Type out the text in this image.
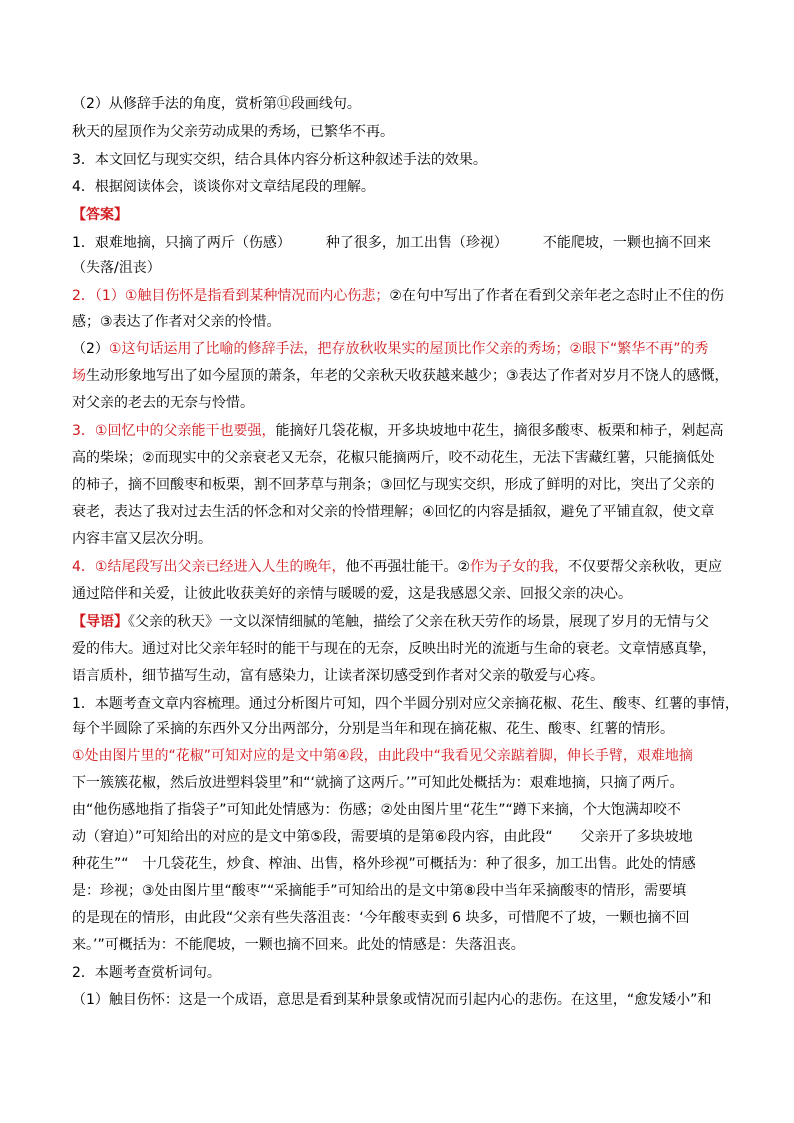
（2）从修辞手法的角度，赏析第⑪段画线句。
秋天的屋顶作为父亲劳动成果的秀场，已繁华不再。
3．本文回忆与现实交织，结合具体内容分析这种叙述手法的效果。
4．根据阅读体会，谈谈你对文章结尾段的理解。
【答案】
1．艰难地摘，只摘了两斤（伤感）　　　种了很多，加工出售（珍视）　　　不能爬坡，一颗也摘不回来
（失落/沮丧）
2．（1）①触目伤怀是指看到某种情况而内心伤悲；②在句中写出了作者在看到父亲年老之态时止不住的伤
感；③表达了作者对父亲的怜惜。
（2）①这句话运用了比喻的修辞手法，把存放秋收果实的屋顶比作父亲的秀场；②眼下“繁华不再”的秀
场生动形象地写出了如今屋顶的萧条，年老的父亲秋天收获越来越少；③表达了作者对岁月不饶人的感慨，
对父亲的老去的无奈与怜惜。
3．①回忆中的父亲能干也要强，能摘好几袋花椒，开多块坡地中花生，摘很多酸枣、板栗和柿子，剁起高
高的柴垛；②而现实中的父亲衰老又无奈，花椒只能摘两斤，咬不动花生，无法下害藏红薯，只能摘低处
的柿子，摘不回酸枣和板栗，割不回茅草与荆条；③回忆与现实交织，形成了鲜明的对比，突出了父亲的
衰老，表达了我对过去生活的怀念和对父亲的怜惜理解；④回忆的内容是插叙，避免了平铺直叙，使文章
内容丰富又层次分明。
4．①结尾段写出父亲已经进入人生的晚年，他不再强壮能干。②作为子女的我，不仅要帮父亲秋收，更应
通过陪伴和关爱，让彼此收获美好的亲情与暖暖的爱，这是我感恩父亲、回报父亲的决心。
【导语】《父亲的秋天》一文以深情细腻的笔触，描绘了父亲在秋天劳作的场景，展现了岁月的无情与父
爱的伟大。通过对比父亲年轻时的能干与现在的无奈，反映出时光的流逝与生命的衰老。文章情感真挚，
语言质朴，细节描写生动，富有感染力，让读者深切感受到作者对父亲的敬爱与心疼。
1．本题考查文章内容梳理。通过分析图片可知，四个半圆分别对应父亲摘花椒、花生、酸枣、红薯的事情，
每个半圆除了采摘的东西外又分出两部分，分别是当年和现在摘花椒、花生、酸枣、红薯的情形。
①处由图片里的“花椒”可知对应的是文中第④段，由此段中“我看见父亲踮着脚，伸长手臂，艰难地摘
下一簇簇花椒，然后放进塑料袋里”和“‘就摘了这两斤。’”可知此处概括为：艰难地摘，只摘了两斤。
由“他伤感地指了指袋子”可知此处情感为：伤感；②处由图片里“花生”“蹲下来摘，个大饱满却咬不
动（窘迫）”可知给出的对应的是文中第⑤段，需要填的是第⑥段内容，由此段“　　父亲开了多块坡地
种花生”“　十几袋花生，炒食、榨油、出售，格外珍视”可概括为：种了很多，加工出售。此处的情感
是：珍视；③处由图片里“酸枣”“采摘能手”可知给出的是文中第⑧段中当年采摘酸枣的情形，需要填
的是现在的情形，由此段“父亲有些失落沮丧：‘今年酸枣卖到 6 块多，可惜爬不了坡，一颗也摘不回
来。’”可概括为：不能爬坡，一颗也摘不回来。此处的情感是：失落沮丧。
2．本题考查赏析词句。
（1）触目伤怀：这是一个成语，意思是看到某种景象或情况而引起内心的悲伤。在这里，“愈发矮小”和
